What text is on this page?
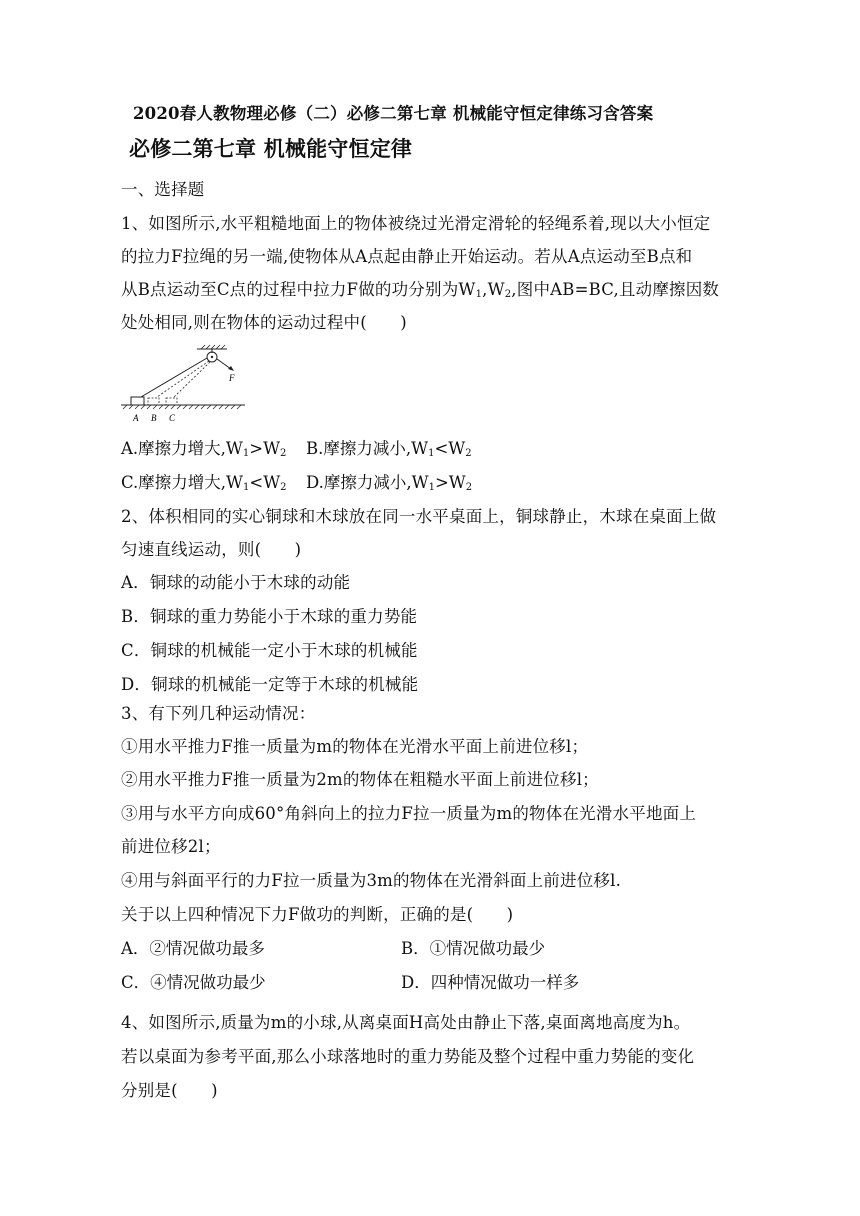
2020春人教物理必修（二）必修二第七章 机械能守恒定律练习含答案
必修二第七章 机械能守恒定律
一、选择题
1、如图所示,水平粗糙地面上的物体被绕过光滑定滑轮的轻绳系着,现以大小恒定
的拉力F拉绳的另一端,使物体从A点起由静止开始运动。若从A点运动至B点和
从B点运动至C点的过程中拉力F做的功分别为$W_1,W_2$,图中AB=BC,且动摩擦因数
处处相同,则在物体的运动过程中(　　)
F
A B C
A.摩擦力增大$,W_1>W_2$ B.摩擦力减小$,W_1<W_2$
C.摩擦力增大$,W_1<W_2$ D.摩擦力减小$,W_1>W_2$
2、体积相同的实心铜球和木球放在同一水平桌面上，铜球静止，木球在桌面上做
匀速直线运动，则(　　)
A．铜球的动能小于木球的动能
B．铜球的重力势能小于木球的重力势能
C．铜球的机械能一定小于木球的机械能
D．铜球的机械能一定等于木球的机械能
3、有下列几种运动情况：
①用水平推力F推一质量为m的物体在光滑水平面上前进位移l；
②用水平推力F推一质量为2m的物体在粗糙水平面上前进位移l；
③用与水平方向成60°角斜向上的拉力F拉一质量为m的物体在光滑水平地面上
前进位移2l；
④用与斜面平行的力F拉一质量为3m的物体在光滑斜面上前进位移l.
关于以上四种情况下力F做功的判断，正确的是(　　)
A．②情况做功最多	B．①情况做功最少
C．④情况做功最少	D．四种情况做功一样多
4、如图所示,质量为m的小球,从离桌面H高处由静止下落,桌面离地高度为h。
若以桌面为参考平面,那么小球落地时的重力势能及整个过程中重力势能的变化
分别是(　　)
